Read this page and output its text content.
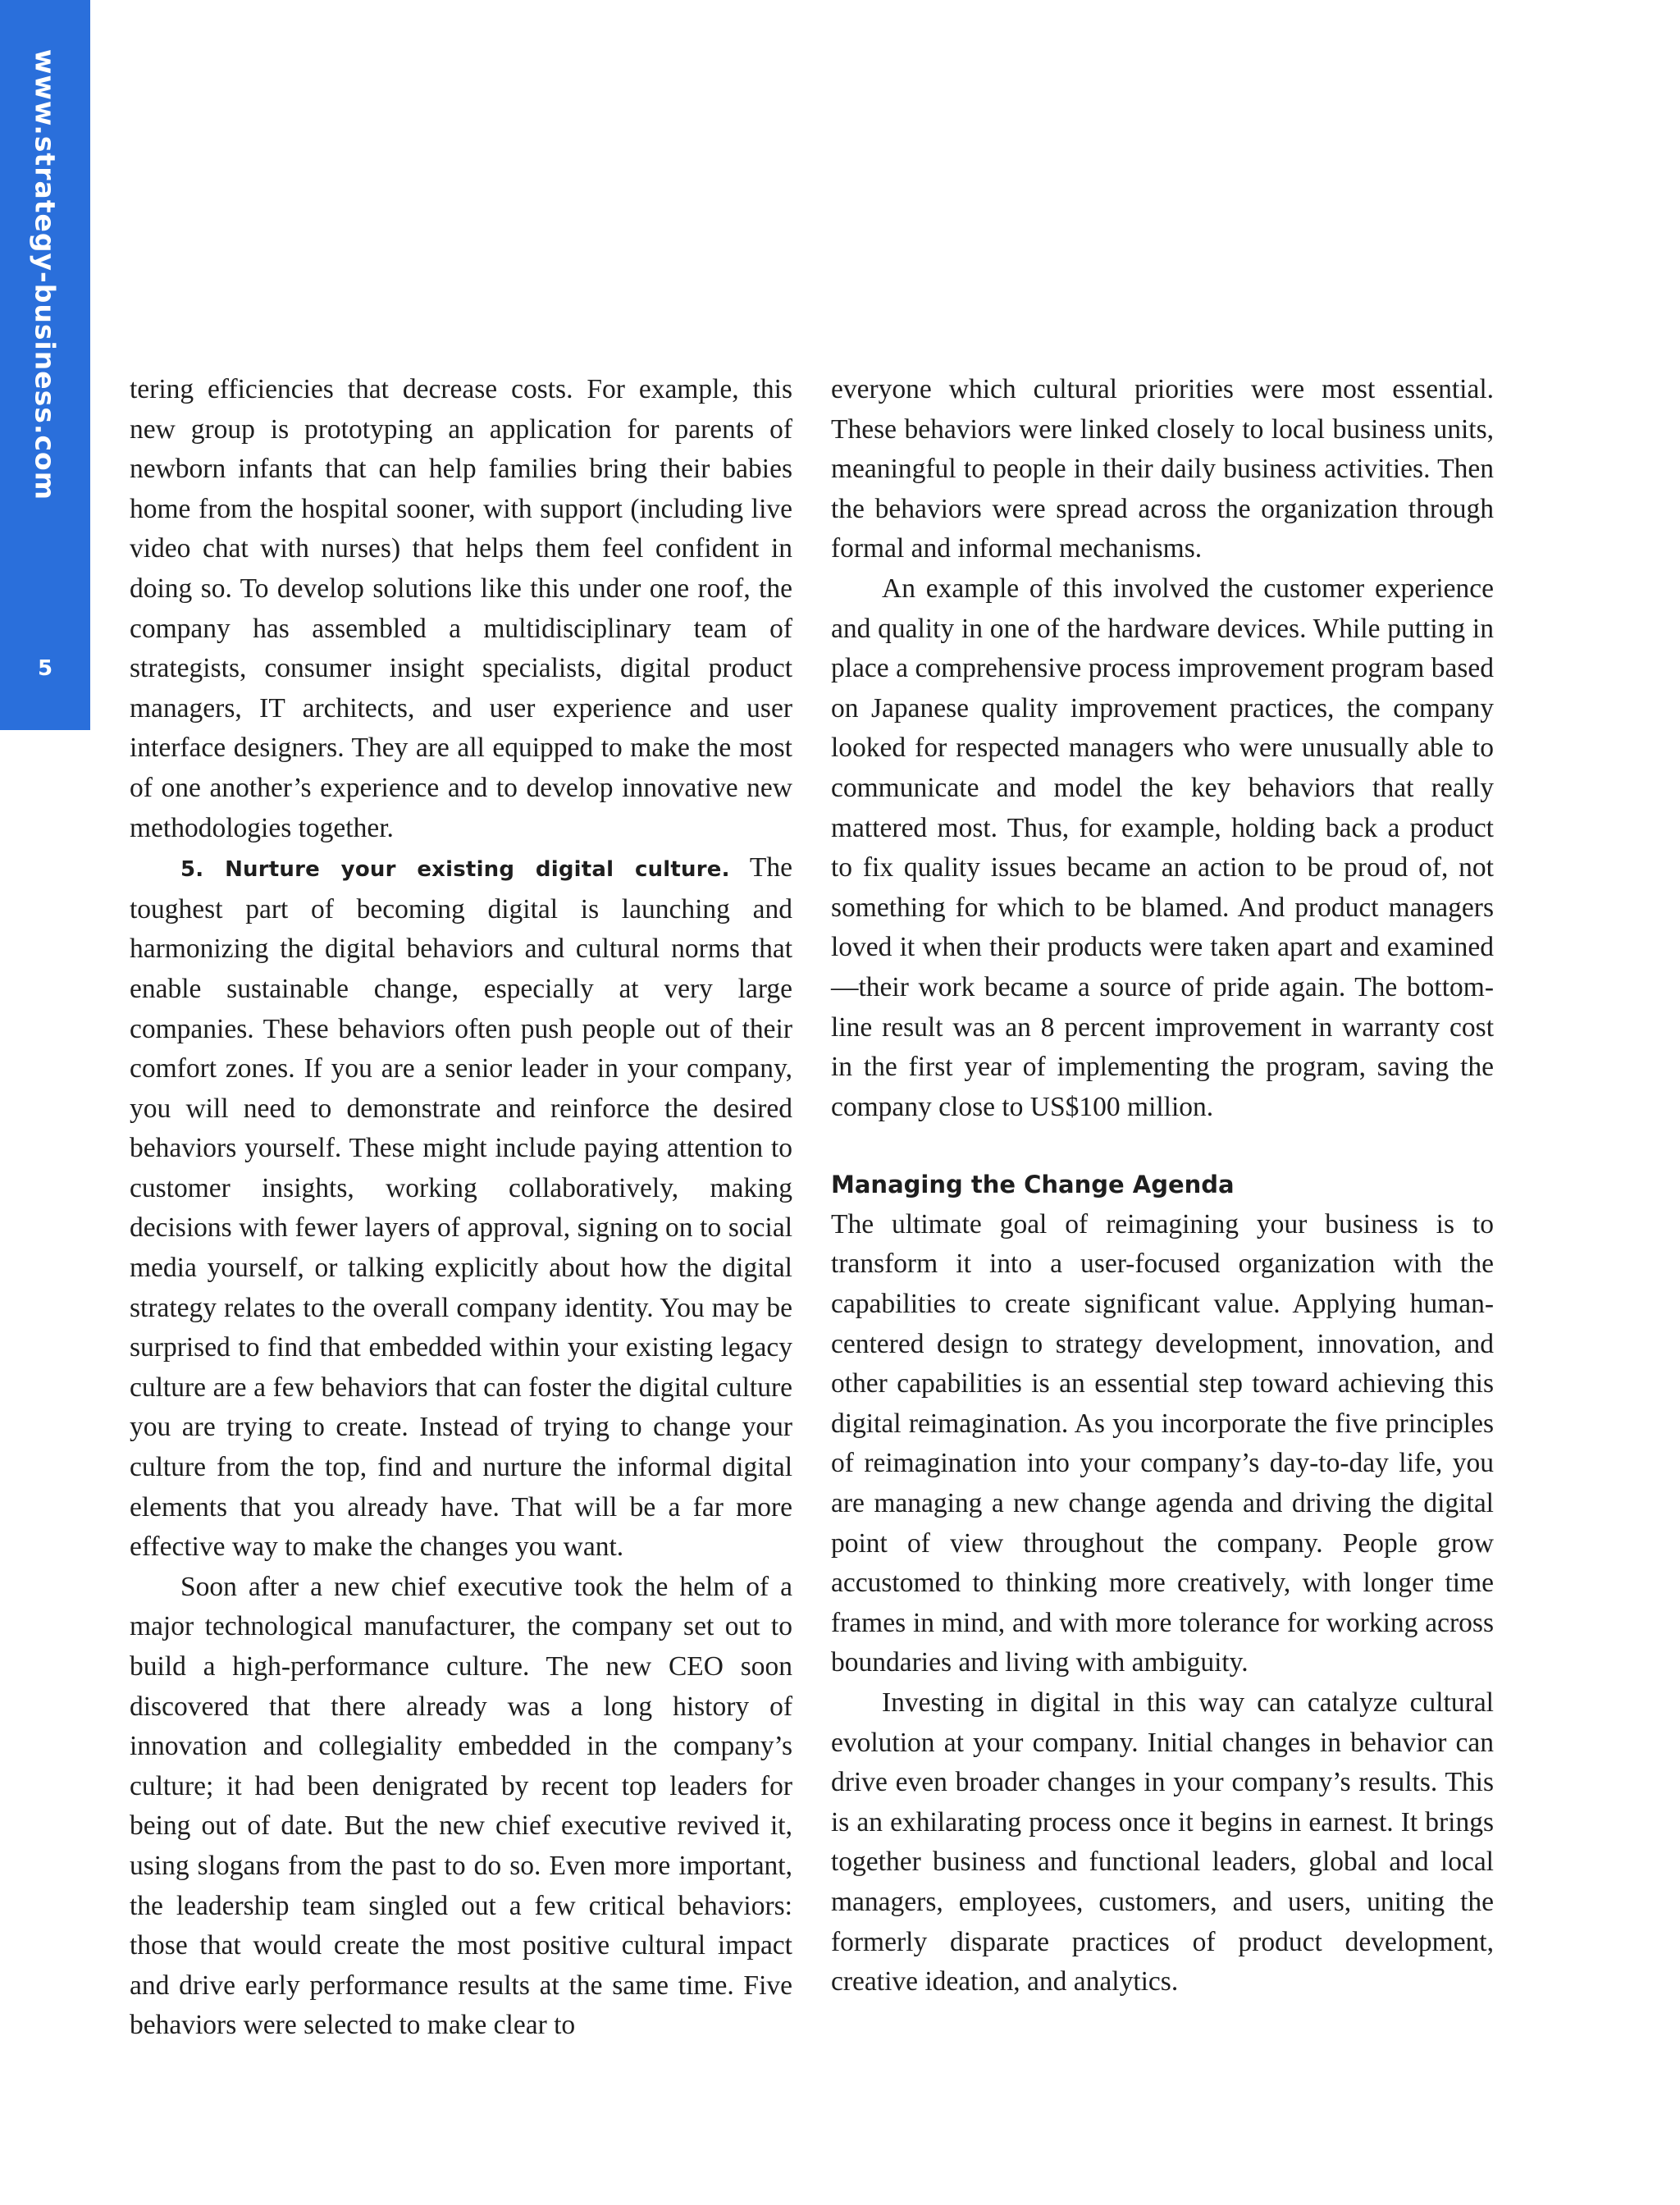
www.strategy-business.com
5

tering efficiencies that decrease costs. For example, this new group is prototyping an application for parents of newborn infants that can help families bring their babies home from the hospital sooner, with support (including live video chat with nurses) that helps them feel confident in doing so. To develop solutions like this under one roof, the company has assembled a multidisciplinary team of strategists, consumer insight specialists, digital product managers, IT architects, and user experience and user interface designers. They are all equipped to make the most of one another’s experience and to develop innovative new methodologies together.

5. Nurture your existing digital culture. The toughest part of becoming digital is launching and harmonizing the digital behaviors and cultural norms that enable sustainable change, especially at very large companies. These behaviors often push people out of their comfort zones. If you are a senior leader in your company, you will need to demonstrate and reinforce the desired behaviors yourself. These might include paying attention to customer insights, working collaboratively, making decisions with fewer layers of approval, signing on to social media yourself, or talking explicitly about how the digital strategy relates to the overall company identity. You may be surprised to find that embedded within your existing legacy culture are a few behaviors that can foster the digital culture you are trying to create. Instead of trying to change your culture from the top, find and nurture the informal digital elements that you already have. That will be a far more effective way to make the changes you want.

Soon after a new chief executive took the helm of a major technological manufacturer, the company set out to build a high-performance culture. The new CEO soon discovered that there already was a long history of innovation and collegiality embedded in the company’s culture; it had been denigrated by recent top leaders for being out of date. But the new chief executive revived it, using slogans from the past to do so. Even more important, the leadership team singled out a few critical behaviors: those that would create the most positive cultural impact and drive early performance results at the same time. Five behaviors were selected to make clear to

everyone which cultural priorities were most essential. These behaviors were linked closely to local business units, meaningful to people in their daily business activities. Then the behaviors were spread across the organization through formal and informal mechanisms.

An example of this involved the customer experience and quality in one of the hardware devices. While putting in place a comprehensive process improvement program based on Japanese quality improvement practices, the company looked for respected managers who were unusually able to communicate and model the key behaviors that really mattered most. Thus, for example, holding back a product to fix quality issues became an action to be proud of, not something for which to be blamed. And product managers loved it when their products were taken apart and examined—their work became a source of pride again. The bottom-line result was an 8 percent improvement in warranty cost in the first year of implementing the program, saving the company close to US$100 million.

Managing the Change Agenda

The ultimate goal of reimagining your business is to transform it into a user-focused organization with the capabilities to create significant value. Applying human-centered design to strategy development, innovation, and other capabilities is an essential step toward achieving this digital reimagination. As you incorporate the five principles of reimagination into your company’s day-to-day life, you are managing a new change agenda and driving the digital point of view throughout the company. People grow accustomed to thinking more creatively, with longer time frames in mind, and with more tolerance for working across boundaries and living with ambiguity.

Investing in digital in this way can catalyze cultural evolution at your company. Initial changes in behavior can drive even broader changes in your company’s results. This is an exhilarating process once it begins in earnest. It brings together business and functional leaders, global and local managers, employees, customers, and users, uniting the formerly disparate practices of product development, creative ideation, and analytics.
